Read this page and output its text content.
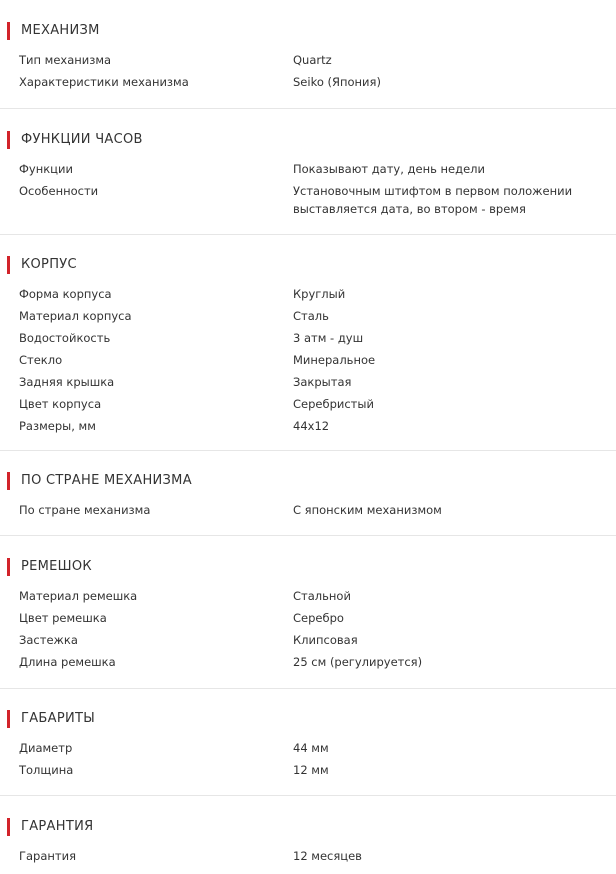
МЕХАНИЗМ
Тип механизма	Quartz
Характеристики механизма	Seiko (Япония)
ФУНКЦИИ ЧАСОВ
Функции	Показывают дату, день недели
Особенности	Установочным штифтом в первом положении выставляется дата, во втором - время
КОРПУС
Форма корпуса	Круглый
Материал корпуса	Сталь
Водостойкость	3 атм - душ
Стекло	Минеральное
Задняя крышка	Закрытая
Цвет корпуса	Серебристый
Размеры, мм	44х12
ПО СТРАНЕ МЕХАНИЗМА
По стране механизма	С японским механизмом
РЕМЕШОК
Материал ремешка	Стальной
Цвет ремешка	Серебро
Застежка	Клипсовая
Длина ремешка	25 см (регулируется)
ГАБАРИТЫ
Диаметр	44 мм
Толщина	12 мм
ГАРАНТИЯ
Гарантия	12 месяцев
